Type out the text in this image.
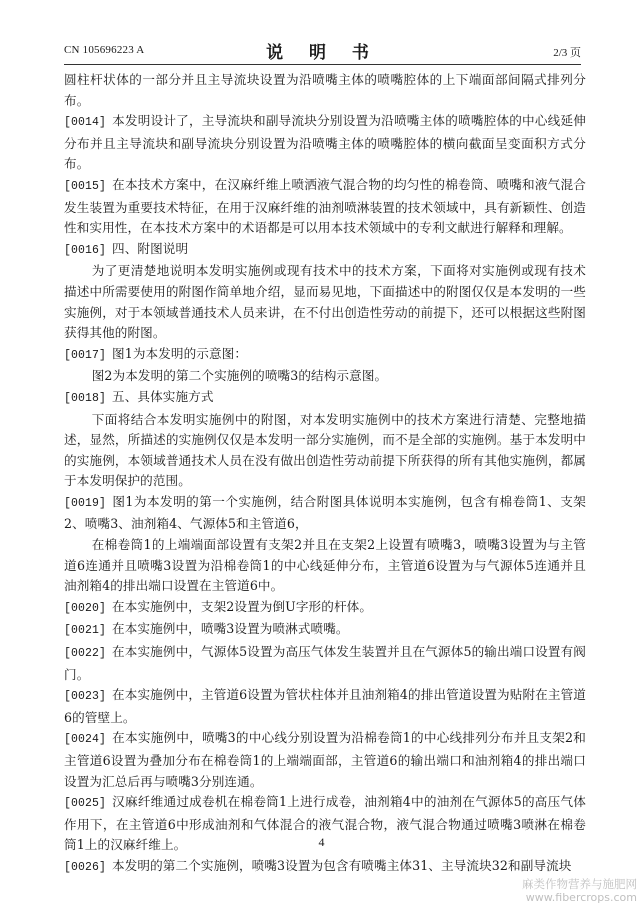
CN 105696223 A	说 明 书	2/3 页

圆柱杆状体的一部分并且主导流块设置为沿喷嘴主体的喷嘴腔体的上下端面部间隔式排列分布。

[0014] 本发明设计了，主导流块和副导流块分别设置为沿喷嘴主体的喷嘴腔体的中心线延伸分布并且主导流块和副导流块分别设置为沿喷嘴主体的喷嘴腔体的横向截面呈变面积方式分布。

[0015] 在本技术方案中，在汉麻纤维上喷洒液气混合物的均匀性的棉卷筒、喷嘴和液气混合发生装置为重要技术特征，在用于汉麻纤维的油剂喷淋装置的技术领域中，具有新颖性、创造性和实用性，在本技术方案中的术语都是可以用本技术领域中的专利文献进行解释和理解。

[0016] 四、附图说明

为了更清楚地说明本发明实施例或现有技术中的技术方案，下面将对实施例或现有技术描述中所需要使用的附图作简单地介绍，显而易见地，下面描述中的附图仅仅是本发明的一些实施例，对于本领域普通技术人员来讲，在不付出创造性劳动的前提下，还可以根据这些附图获得其他的附图。

[0017] 图1为本发明的示意图：

图2为本发明的第二个实施例的喷嘴3的结构示意图。

[0018] 五、具体实施方式

下面将结合本发明实施例中的附图，对本发明实施例中的技术方案进行清楚、完整地描述，显然，所描述的实施例仅仅是本发明一部分实施例，而不是全部的实施例。基于本发明中的实施例，本领域普通技术人员在没有做出创造性劳动前提下所获得的所有其他实施例，都属于本发明保护的范围。

[0019] 图1为本发明的第一个实施例，结合附图具体说明本实施例，包含有棉卷筒1、支架2、喷嘴3、油剂箱4、气源体5和主管道6，

在棉卷筒1的上端端面部设置有支架2并且在支架2上设置有喷嘴3，喷嘴3设置为与主管道6连通并且喷嘴3设置为沿棉卷筒1的中心线延伸分布，主管道6设置为与气源体5连通并且油剂箱4的排出端口设置在主管道6中。

[0020] 在本实施例中，支架2设置为倒U字形的杆体。

[0021] 在本实施例中，喷嘴3设置为喷淋式喷嘴。

[0022] 在本实施例中，气源体5设置为高压气体发生装置并且在气源体5的输出端口设置有阀门。

[0023] 在本实施例中，主管道6设置为管状柱体并且油剂箱4的排出管道设置为贴附在主管道6的管壁上。

[0024] 在本实施例中，喷嘴3的中心线分别设置为沿棉卷筒1的中心线排列分布并且支架2和主管道6设置为叠加分布在棉卷筒1的上端端面部，主管道6的输出端口和油剂箱4的排出端口设置为汇总后再与喷嘴3分别连通。

[0025] 汉麻纤维通过成卷机在棉卷筒1上进行成卷，油剂箱4中的油剂在气源体5的高压气体作用下，在主管道6中形成油剂和气体混合的液气混合物，液气混合物通过喷嘴3喷淋在棉卷筒1上的汉麻纤维上。

[0026] 本发明的第二个实施例，喷嘴3设置为包含有喷嘴主体31、主导流块32和副导流块

4
麻类作物营养与施肥网
www.fibercrops.com
